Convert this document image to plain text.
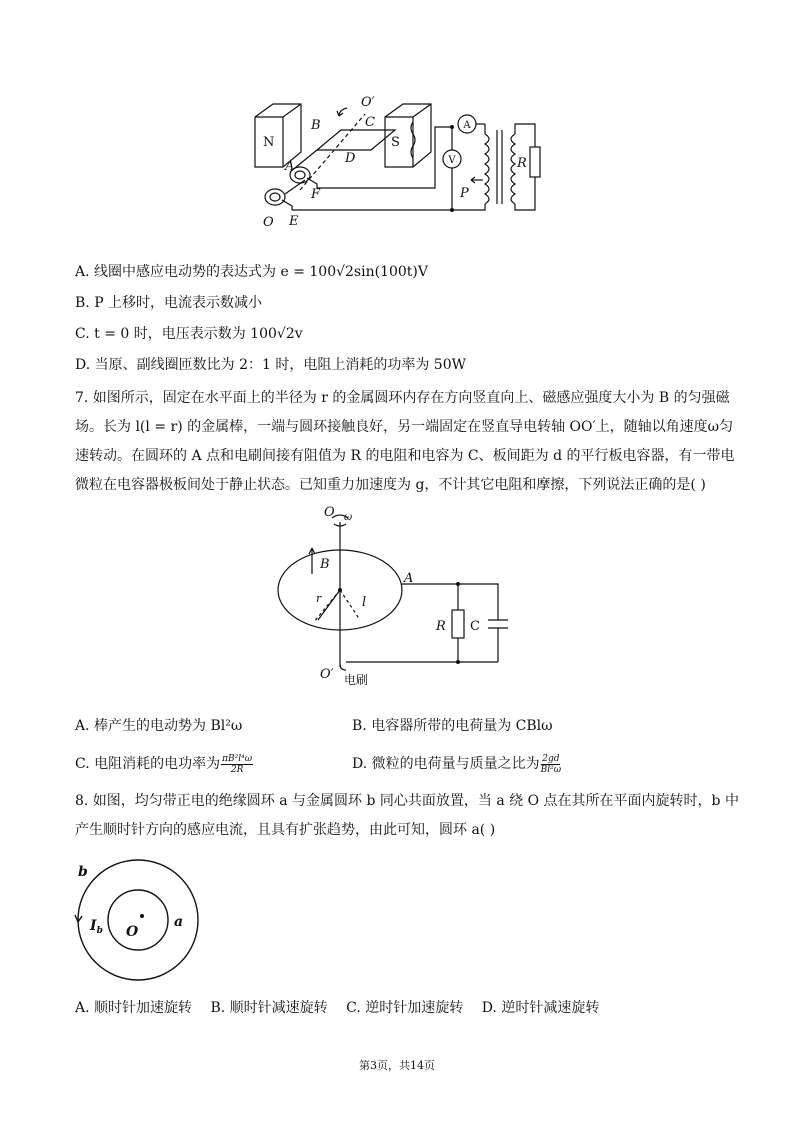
N	S
B	C
D
A
F
E
O
O′
P
R
A
V
A. 线圈中感应电动势的表达式为 e = 100√2sin(100t)V
B. P 上移时，电流表示数减小
C. t = 0 时，电压表示数为 100√2v
D. 当原、副线圈匝数比为 2：1 时，电阻上消耗的功率为 50W
7. 如图所示，固定在水平面上的半径为 r 的金属圆环内存在方向竖直向上、磁感应强度大小为 B 的匀强磁
场。长为 l(l = r) 的金属棒，一端与圆环接触良好，另一端固定在竖直导电转轴 OO′上，随轴以角速度ω匀
速转动。在圆环的 A 点和电刷间接有阻值为 R 的电阻和电容为 C、板间距为 d 的平行板电容器，有一带电
微粒在电容器极板间处于静止状态。已知重力加速度为 g，不计其它电阻和摩擦，下列说法正确的是( )
O ω
B
A
r	l
R C
O′ 电刷
A. 棒产生的电动势为 Bl²ω	B. 电容器所带的电荷量为 CBlω
C. 电阻消耗的电功率为 $\frac{\text{πB²l⁴ω}}{2R}$	D. 微粒的电荷量与质量之比为 $\frac{2gd}{\text{Bl²ω}}$
8. 如图，均匀带正电的绝缘圆环 a 与金属圆环 b 同心共面放置，当 a 绕 O 点在其所在平面内旋转时，b 中
产生顺时针方向的感应电流，且具有扩张趋势，由此可知，圆环 a( )
b
a
O
$I_b$
A. 顺时针加速旋转 B. 顺时针减速旋转 C. 逆时针加速旋转 D. 逆时针减速旋转
第3页，共14页
